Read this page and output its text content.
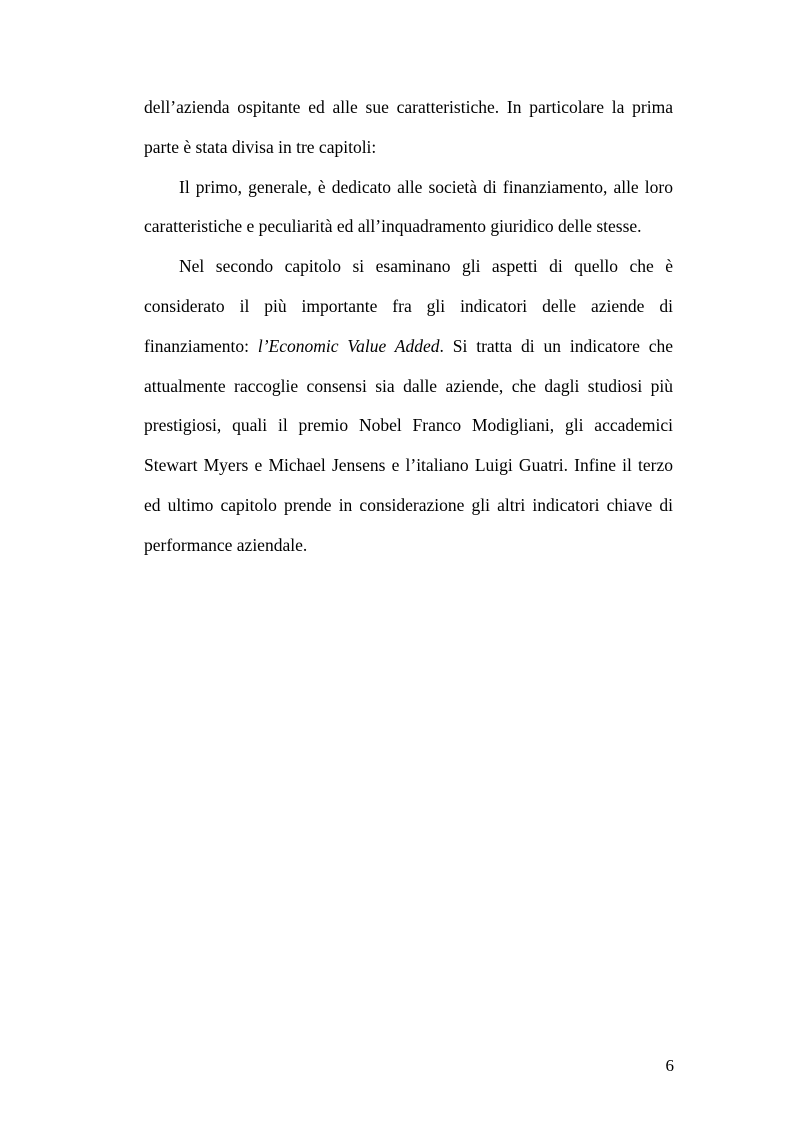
dell’azienda ospitante ed alle sue caratteristiche. In particolare la prima
parte è stata divisa in tre capitoli:
Il primo, generale, è dedicato alle società di finanziamento, alle loro
caratteristiche e peculiarità ed all’inquadramento giuridico delle stesse.
Nel secondo capitolo si esaminano gli aspetti di quello che è
considerato il più importante fra gli indicatori delle aziende di
finanziamento: l’Economic Value Added. Si tratta di un indicatore che
attualmente raccoglie consensi sia dalle aziende, che dagli studiosi più
prestigiosi, quali il premio Nobel Franco Modigliani, gli accademici
Stewart Myers e Michael Jensens e l’italiano Luigi Guatri. Infine il terzo
ed ultimo capitolo prende in considerazione gli altri indicatori chiave di
performance aziendale.
6
